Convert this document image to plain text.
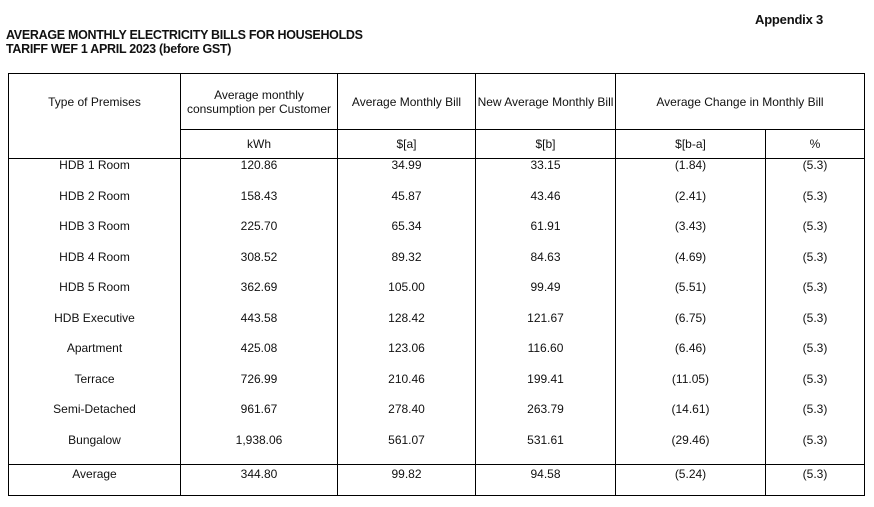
Appendix 3
AVERAGE MONTHLY ELECTRICITY BILLS FOR HOUSEHOLDS
TARIFF WEF 1 APRIL 2023 (before GST)
Type of Premises	Average monthly consumption per Customer	Average Monthly Bill	New Average Monthly Bill	Average Change in Monthly Bill	
	kWh	$[a]	$[b]	$[b-a]	%
HDB 1 Room	120.86	34.99	33.15	(1.84)	(5.3)
HDB 2 Room	158.43	45.87	43.46	(2.41)	(5.3)
HDB 3 Room	225.70	65.34	61.91	(3.43)	(5.3)
HDB 4 Room	308.52	89.32	84.63	(4.69)	(5.3)
HDB 5 Room	362.69	105.00	99.49	(5.51)	(5.3)
HDB Executive	443.58	128.42	121.67	(6.75)	(5.3)
Apartment	425.08	123.06	116.60	(6.46)	(5.3)
Terrace	726.99	210.46	199.41	(11.05)	(5.3)
Semi-Detached	961.67	278.40	263.79	(14.61)	(5.3)
Bungalow	1,938.06	561.07	531.61	(29.46)	(5.3)
Average	344.80	99.82	94.58	(5.24)	(5.3)
